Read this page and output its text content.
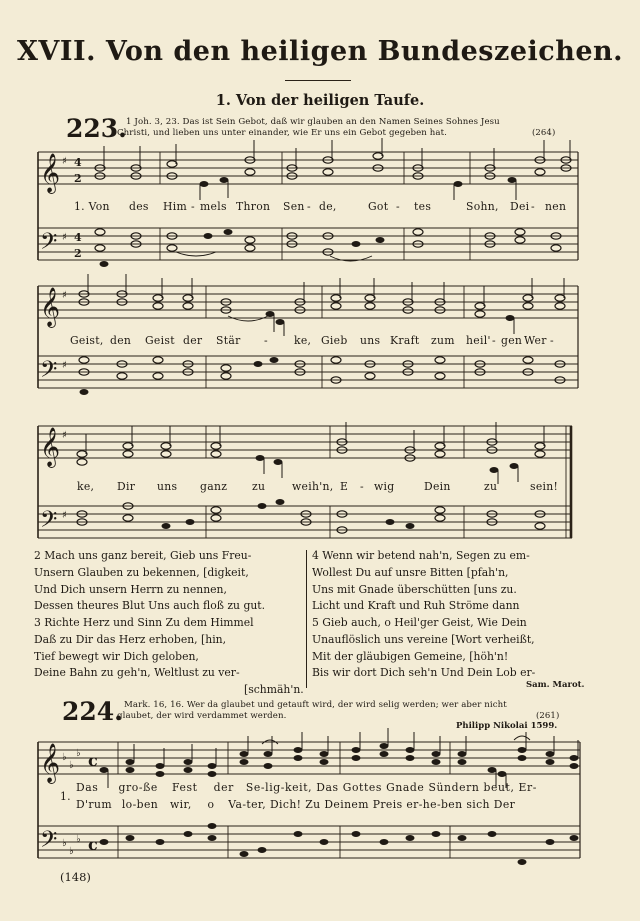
XVII. Von den heiligen Bundeszeichen.
1. Von der heiligen Taufe.
223. 1 Joh. 3, 23. Das ist Sein Gebot, daß wir glauben an den Namen Seines Sohnes Jesu
Christi, und lieben uns unter einander, wie Er uns ein Gebot gegeben hat.	(264)
𝄞 ♯ 4
2
𝄢 ♯ 4
2
1. Von des Him - mels Thron Sen - de,	Got - tes	Sohn, Dei - nen
𝄞 ♯
𝄢 ♯
Geist, den Geist der Stär - ke, Gieb uns Kraft zum heil' - gen Wer -
𝄞 ♯
𝄢 ♯
ke, Dir uns ganz zu weih'n, E - wig	Dein	zu	sein!
2 Mach uns ganz bereit, Gieb uns Freu-
Unsern Glauben zu bekennen, [digkeit,
Und Dich unsern Herrn zu nennen,
Dessen theures Blut Uns auch floß zu gut.
3 Richte Herz und Sinn Zu dem Himmel
Daß zu Dir das Herz erhoben, [hin,
Tief bewegt wir Dich geloben,
Deine Bahn zu geh'n, Weltlust zu ver-
[schmäh'n.
4 Wenn wir betend nah'n, Segen zu em-
Wollest Du auf unsre Bitten [pfah'n,
Uns mit Gnade überschütten [uns zu.
Licht und Kraft und Ruh Ströme dann
5 Gieb auch, o Heil'ger Geist, Wie Dein
Unauflöslich uns vereine [Wort verheißt,
Mit der gläubigen Gemeine, [höh'n!
Bis wir dort Dich seh'n Und Dein Lob er-
Sam. Marot.
224. Mark. 16, 16. Wer da glaubet und getauft wird, der wird selig werden; wer aber nicht
glaubet, der wird verdammet werden.	(261)
Philipp Nikolai 1599.
𝄞 ♭
♭
♭ c
𝄢 ♭
♭
♭ c
1.
Das gro-ße Fest der Se-lig-keit, Das Gottes Gnade Sündern beut, Er-
D'rum lo-ben wir, o Va-ter, Dich! Zu Deinem Preis er-he-ben sich Der
(148)
